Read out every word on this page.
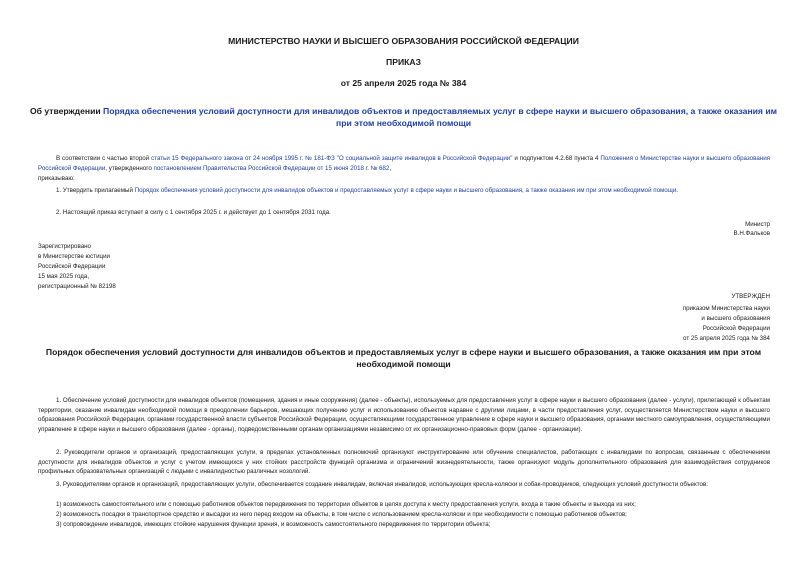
МИНИСТЕРСТВО НАУКИ И ВЫСШЕГО ОБРАЗОВАНИЯ РОССИЙСКОЙ ФЕДЕРАЦИИ
ПРИКАЗ
от 25 апреля 2025 года № 384
Об утверждении Порядка обеспечения условий доступности для инвалидов объектов и предоставляемых услуг в сфере науки и высшего образования, а также оказания им при этом необходимой помощи
В соответствии с частью второй статьи 15 Федерального закона от 24 ноября 1995 г. № 181-ФЗ "О социальной защите инвалидов в Российской Федерации" и подпунктом 4.2.68 пункта 4 Положения о Министерстве науки и высшего образования Российской Федерации, утвержденного постановлением Правительства Российской Федерации от 15 июня 2018 г. № 682,
приказываю:
1. Утвердить прилагаемый Порядок обеспечения условий доступности для инвалидов объектов и предоставляемых услуг в сфере науки и высшего образования, а также оказания им при этом необходимой помощи.
2. Настоящий приказ вступает в силу с 1 сентября 2025 г. и действует до 1 сентября 2031 года.
Министр
В.Н.Фальков
Зарегистрировано
в Министерстве юстиции
Российской Федерации
15 мая 2025 года,
регистрационный № 82198
УТВЕРЖДЕН
приказом Министерства науки
и высшего образования
Российской Федерации
от 25 апреля 2025 года № 384
Порядок обеспечения условий доступности для инвалидов объектов и предоставляемых услуг в сфере науки и высшего образования, а также оказания им при этом необходимой помощи
1. Обеспечение условий доступности для инвалидов объектов (помещения, здания и иные сооружения) (далее - объекты), используемых для предоставления услуг в сфере науки и высшего образования (далее - услуги), прилегающей к объектам территории, оказание инвалидам необходимой помощи в преодолении барьеров, мешающих получению услуг и использованию объектов наравне с другими лицами, в части предоставления услуг, осуществляется Министерством науки и высшего образования Российской Федерации, органами государственной власти субъектов Российской Федерации, осуществляющими государственное управление в сфере науки и высшего образования, органами местного самоуправления, осуществляющими управление в сфере науки и высшего образования (далее - органы), подведомственными органам организациями независимо от их организационно-правовых форм (далее - организации).
2. Руководители органов и организаций, предоставляющих услуги, в пределах установленных полномочий организуют инструктирование или обучение специалистов, работающих с инвалидами по вопросам, связанным с обеспечением доступности для инвалидов объектов и услуг с учетом имеющихся у них стойких расстройств функций организма и ограничений жизнедеятельности, также организуют модуль дополнительного образования для взаимодействия сотрудников профильных образовательных организаций с людьми с инвалидностью различных нозологий.
3. Руководителями органов и организаций, предоставляющих услуги, обеспечивается создание инвалидам, включая инвалидов, использующих кресла-коляски и собак-проводников, следующих условий доступности объектов:
1) возможность самостоятельного или с помощью работников объектов передвижения по территории объектов в целях доступа к месту предоставления услуги, входа в такие объекты и выхода из них;
2) возможность посадки в транспортное средство и высадки из него перед входом на объекты, в том числе с использованием кресла-коляски и при необходимости с помощью работников объектов;
3) сопровождение инвалидов, имеющих стойкие нарушения функции зрения, и возможность самостоятельного передвижения по территории объекта;
